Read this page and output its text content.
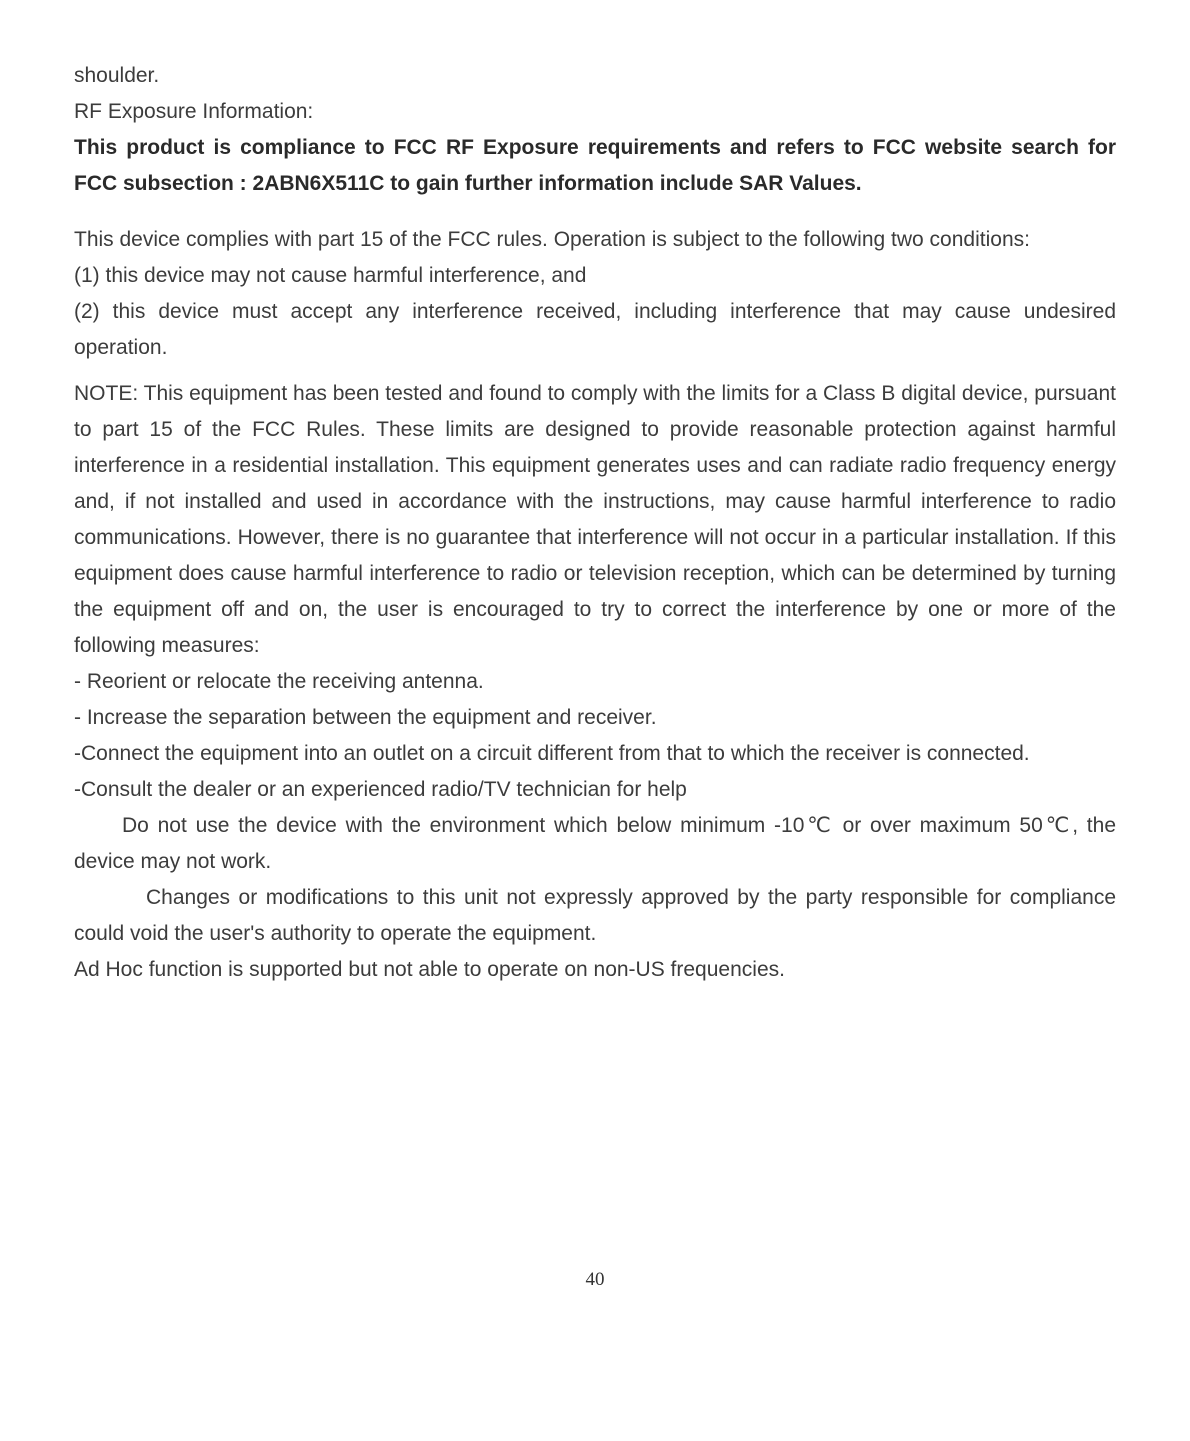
shoulder.

RF Exposure Information:

This product is compliance to FCC RF Exposure requirements and refers to FCC website search for FCC subsection : 2ABN6X511C to gain further information include SAR Values.

This device complies with part 15 of the FCC rules. Operation is subject to the following two conditions:

(1) this device may not cause harmful interference, and

(2) this device must accept any interference received, including interference that may cause undesired operation.

NOTE: This equipment has been tested and found to comply with the limits for a Class B digital device, pursuant to part 15 of the FCC Rules. These limits are designed to provide reasonable protection against harmful interference in a residential installation. This equipment generates uses and can radiate radio frequency energy and, if not installed and used in accordance with the instructions, may cause harmful interference to radio communications. However, there is no guarantee that interference will not occur in a particular installation. If this equipment does cause harmful interference to radio or television reception, which can be determined by turning the equipment off and on, the user is encouraged to try to correct the interference by one or more of the following measures:

- Reorient or relocate the receiving antenna.

- Increase the separation between the equipment and receiver.

-Connect the equipment into an outlet on a circuit different from that to which the receiver is connected.

-Consult the dealer or an experienced radio/TV technician for help

Do not use the device with the environment which below minimum -10℃ or over maximum 50℃, the device may not work.

Changes or modifications to this unit not expressly approved by the party responsible for compliance could void the user's authority to operate the equipment.

Ad Hoc function is supported but not able to operate on non-US frequencies.

40
